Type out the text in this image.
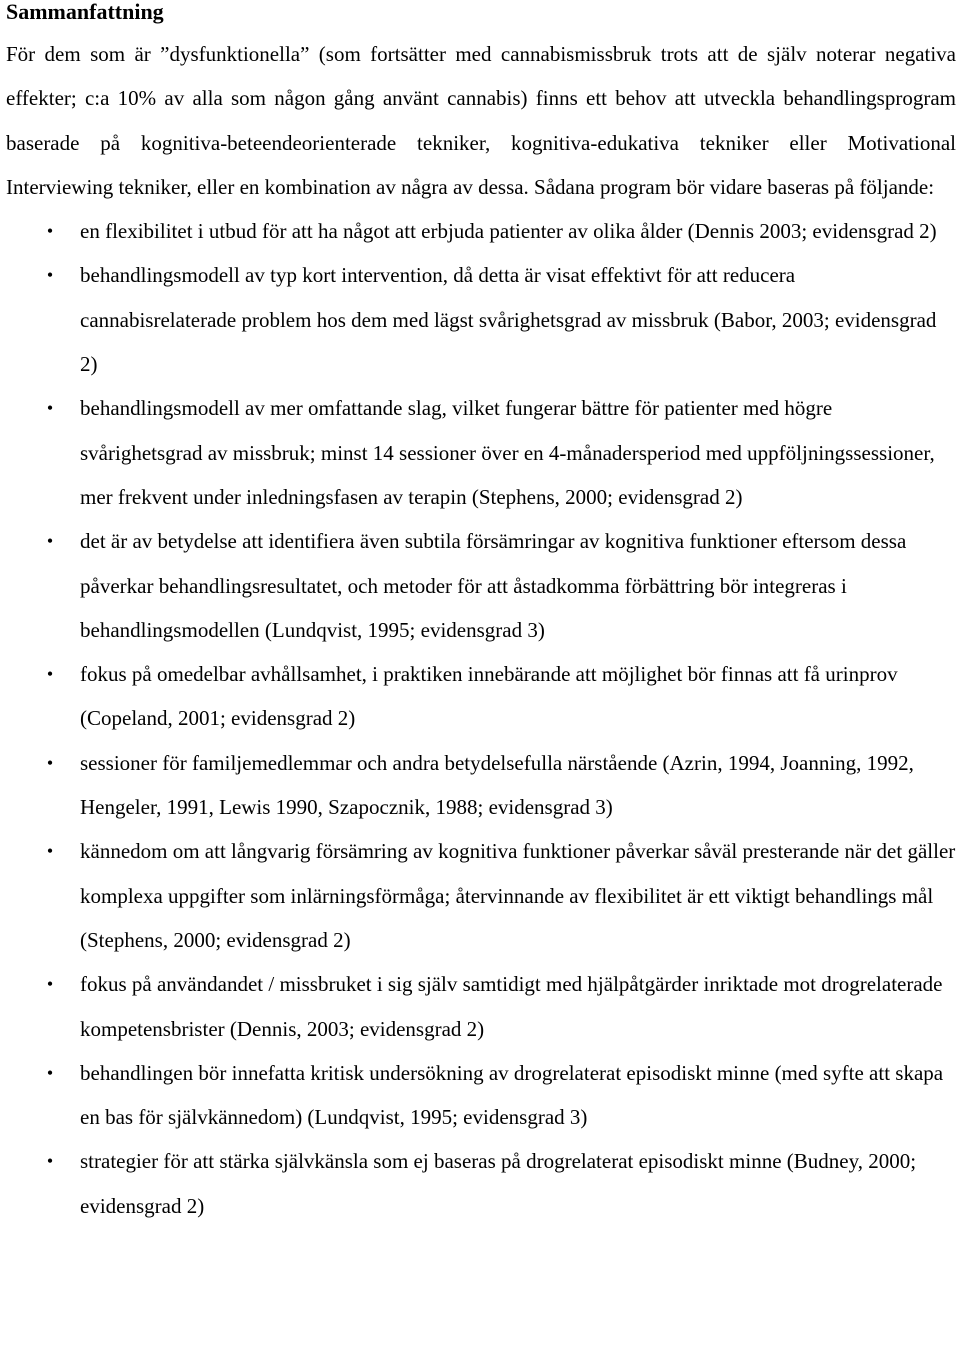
Sammanfattning

För dem som är ”dysfunktionella” (som fortsätter med cannabismissbruk trots att de själv noterar negativa effekter; c:a 10% av alla som någon gång använt cannabis) finns ett behov att utveckla behandlingsprogram baserade på kognitiva-beteendeorienterade tekniker, kognitiva-edukativa tekniker eller Motivational Interviewing tekniker, eller en kombination av några av dessa. Sådana program bör vidare baseras på följande:

•	en flexibilitet i utbud för att ha något att erbjuda patienter av olika ålder (Dennis 2003; evidensgrad 2)
•	behandlingsmodell av typ kort intervention, då detta är visat effektivt för att reducera cannabisrelaterade problem hos dem med lägst svårighetsgrad av missbruk (Babor, 2003; evidensgrad 2)
•	behandlingsmodell av mer omfattande slag, vilket fungerar bättre för patienter med högre svårighetsgrad av missbruk; minst 14 sessioner över en 4-månadersperiod med uppföljningssessioner, mer frekvent under inledningsfasen av terapin (Stephens, 2000; evidensgrad 2)
•	det är av betydelse att identifiera även subtila försämringar av kognitiva funktioner eftersom dessa påverkar behandlingsresultatet, och metoder för att åstadkomma förbättring bör integreras i behandlingsmodellen (Lundqvist, 1995; evidensgrad 3)
•	fokus på omedelbar avhållsamhet, i praktiken innebärande att möjlighet bör finnas att få urinprov (Copeland, 2001; evidensgrad 2)
•	sessioner för familjemedlemmar och andra betydelsefulla närstående (Azrin, 1994, Joanning, 1992, Hengeler, 1991, Lewis 1990, Szapocznik, 1988; evidensgrad 3)
•	kännedom om att långvarig försämring av kognitiva funktioner påverkar såväl presterande när det gäller komplexa uppgifter som inlärningsförmåga; återvinnande av flexibilitet är ett viktigt behandlings mål (Stephens, 2000; evidensgrad 2)
•	fokus på användandet / missbruket i sig själv samtidigt med hjälpåtgärder inriktade mot drogrelaterade kompetensbrister (Dennis, 2003; evidensgrad 2)
•	behandlingen bör innefatta kritisk undersökning av drogrelaterat episodiskt minne (med syfte att skapa en bas för självkännedom) (Lundqvist, 1995; evidensgrad 3)
•	strategier för att stärka självkänsla som ej baseras på drogrelaterat episodiskt minne (Budney, 2000; evidensgrad 2)
